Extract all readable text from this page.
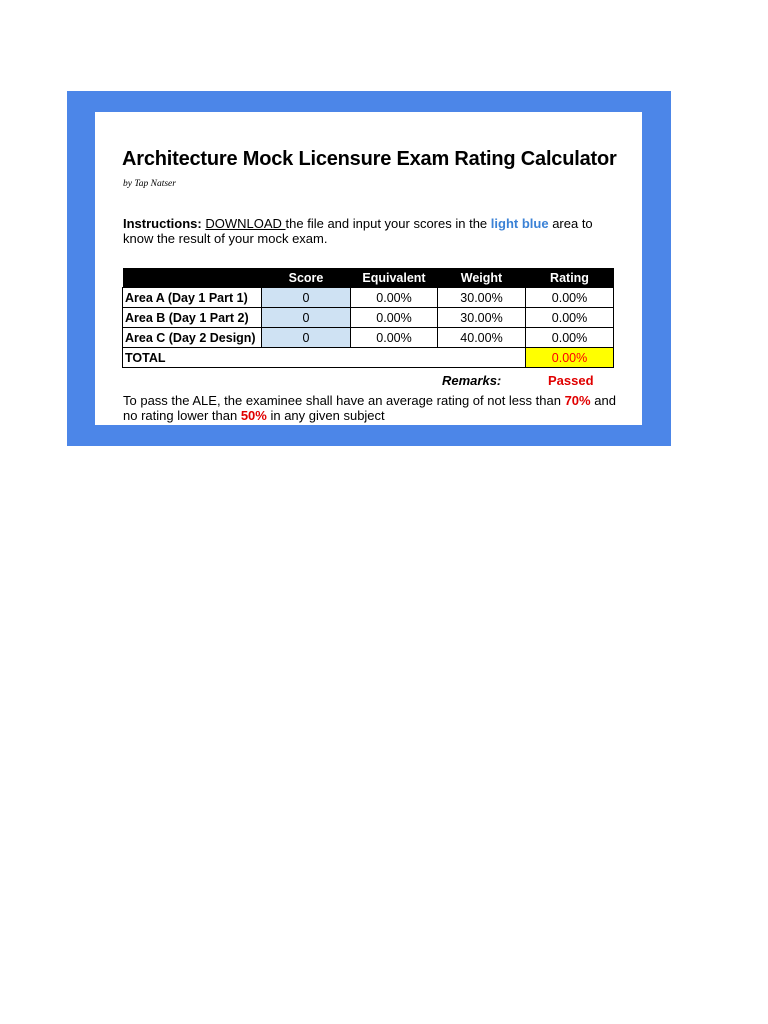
Architecture Mock Licensure Exam Rating Calculator
by Tap Natser
Instructions: DOWNLOAD the file and input your scores in the light blue area to know the result of your mock exam.
	Score	Equivalent	Weight	Rating
Area A (Day 1 Part 1)	0	0.00%	30.00%	0.00%
Area B (Day 1 Part 2)	0	0.00%	30.00%	0.00%
Area C (Day 2 Design)	0	0.00%	40.00%	0.00%
TOTAL				0.00%
Remarks:	Passed
To pass the ALE, the examinee shall have an average rating of not less than 70% and no rating lower than 50% in any given subject
